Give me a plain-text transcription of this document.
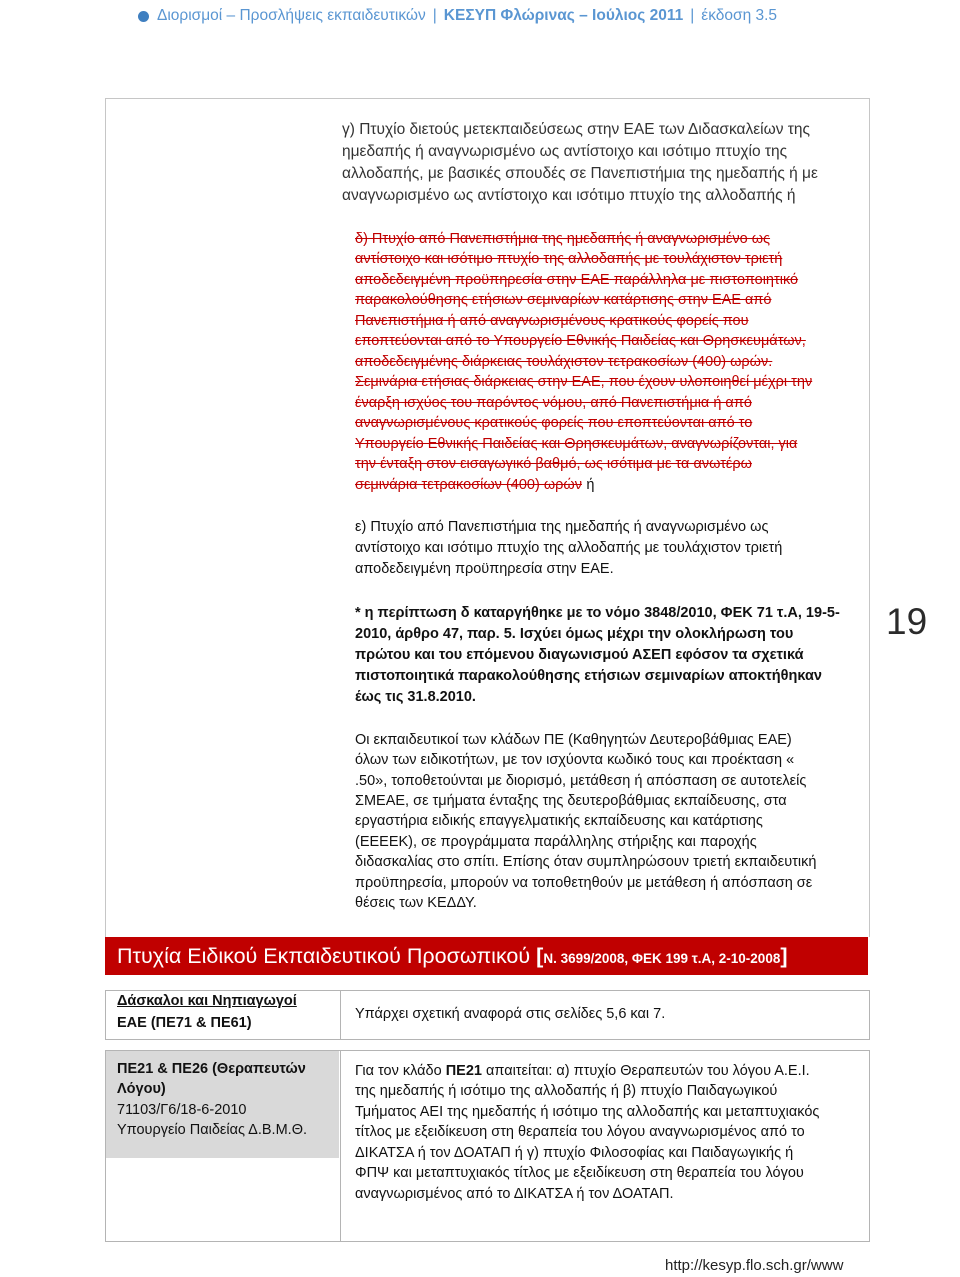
Διορισμοί – Προσλήψεις εκπαιδευτικών | ΚΕΣΥΠ Φλώρινας – Ιούλιος 2011 | έκδοση 3.5
γ) Πτυχίο διετούς μετεκπαιδεύσεως στην ΕΑΕ των Διδασκαλείων της
ημεδαπής ή αναγνωρισμένο ως αντίστοιχο και ισότιμο πτυχίο της
αλλοδαπής, με βασικές σπουδές σε Πανεπιστήμια της ημεδαπής ή με
αναγνωρισμένο ως αντίστοιχο και ισότιμο πτυχίο της αλλοδαπής ή
δ) Πτυχίο από Πανεπιστήμια της ημεδαπής ή αναγνωρισμένο ως
αντίστοιχο και ισότιμο πτυχίο της αλλοδαπής με τουλάχιστον τριετή
αποδεδειγμένη προϋπηρεσία στην ΕΑΕ παράλληλα με πιστοποιητικό
παρακολούθησης ετήσιων σεμιναρίων κατάρτισης στην ΕΑΕ από
Πανεπιστήμια ή από αναγνωρισμένους κρατικούς φορείς που
εποπτεύονται από το Υπουργείο Εθνικής Παιδείας και Θρησκευμάτων,
αποδεδειγμένης διάρκειας τουλάχιστον τετρακοσίων (400) ωρών.
Σεμινάρια ετήσιας διάρκειας στην ΕΑΕ, που έχουν υλοποιηθεί μέχρι την
έναρξη ισχύος του παρόντος νόμου, από Πανεπιστήμια ή από
αναγνωρισμένους κρατικούς φορείς που εποπτεύονται από το
Υπουργείο Εθνικής Παιδείας και Θρησκευμάτων, αναγνωρίζονται, για
την ένταξη στον εισαγωγικό βαθμό, ως ισότιμα με τα ανωτέρω
σεμινάρια τετρακοσίων (400) ωρών ή
ε) Πτυχίο από Πανεπιστήμια της ημεδαπής ή αναγνωρισμένο ως
αντίστοιχο και ισότιμο πτυχίο της αλλοδαπής με τουλάχιστον τριετή
αποδεδειγμένη προϋπηρεσία στην ΕΑΕ.
* η περίπτωση δ καταργήθηκε με το νόμο 3848/2010, ΦΕΚ 71 τ.Α, 19-5-
2010, άρθρο 47, παρ. 5. Ισχύει όμως μέχρι την ολοκλήρωση του
πρώτου και του επόμενου διαγωνισμού ΑΣΕΠ εφόσον τα σχετικά
πιστοποιητικά παρακολούθησης ετήσιων σεμιναρίων αποκτήθηκαν
έως τις 31.8.2010.
Οι εκπαιδευτικοί των κλάδων ΠΕ (Καθηγητών Δευτεροβάθμιας ΕΑΕ)
όλων των ειδικοτήτων, με τον ισχύοντα κωδικό τους και προέκταση «
.50», τοποθετούνται με διορισμό, μετάθεση ή απόσπαση σε αυτοτελείς
ΣΜΕΑΕ, σε τμήματα ένταξης της δευτεροβάθμιας εκπαίδευσης, στα
εργαστήρια ειδικής επαγγελματικής εκπαίδευσης και κατάρτισης
(ΕΕΕΕΚ), σε προγράμματα παράλληλης στήριξης και παροχής
διδασκαλίας στο σπίτι. Επίσης όταν συμπληρώσουν τριετή εκπαιδευτική
προϋπηρεσία, μπορούν να τοποθετηθούν με μετάθεση ή απόσπαση σε
θέσεις των ΚΕΔΔΥ.
19
Πτυχία Ειδικού Εκπαιδευτικού Προσωπικού [Ν. 3699/2008, ΦΕΚ 199 τ.Α, 2-10-2008]
Δάσκαλοι και Νηπιαγωγοί
ΕΑΕ (ΠΕ71 & ΠΕ61)
Υπάρχει σχετική αναφορά στις σελίδες 5,6 και 7.
ΠΕ21 & ΠΕ26 (Θεραπευτών
Λόγου)
71103/Γ6/18-6-2010
Υπουργείο Παιδείας Δ.Β.Μ.Θ.
Για τον κλάδο ΠΕ21 απαιτείται: α) πτυχίο Θεραπευτών του λόγου Α.Ε.Ι.
της ημεδαπής ή ισότιμο της αλλοδαπής ή β) πτυχίο Παιδαγωγικού
Τμήματος ΑΕΙ της ημεδαπής ή ισότιμο της αλλοδαπής και μεταπτυχιακός
τίτλος με εξειδίκευση στη θεραπεία του λόγου αναγνωρισμένος από το
ΔΙΚΑΤΣΑ ή τον ΔΟΑΤΑΠ ή γ) πτυχίο Φιλοσοφίας και Παιδαγωγικής ή
ΦΠΨ και μεταπτυχιακός τίτλος με εξειδίκευση στη θεραπεία του λόγου
αναγνωρισμένος από το ΔΙΚΑΤΣΑ ή τον ΔΟΑΤΑΠ.
http://kesyp.flo.sch.gr/www
